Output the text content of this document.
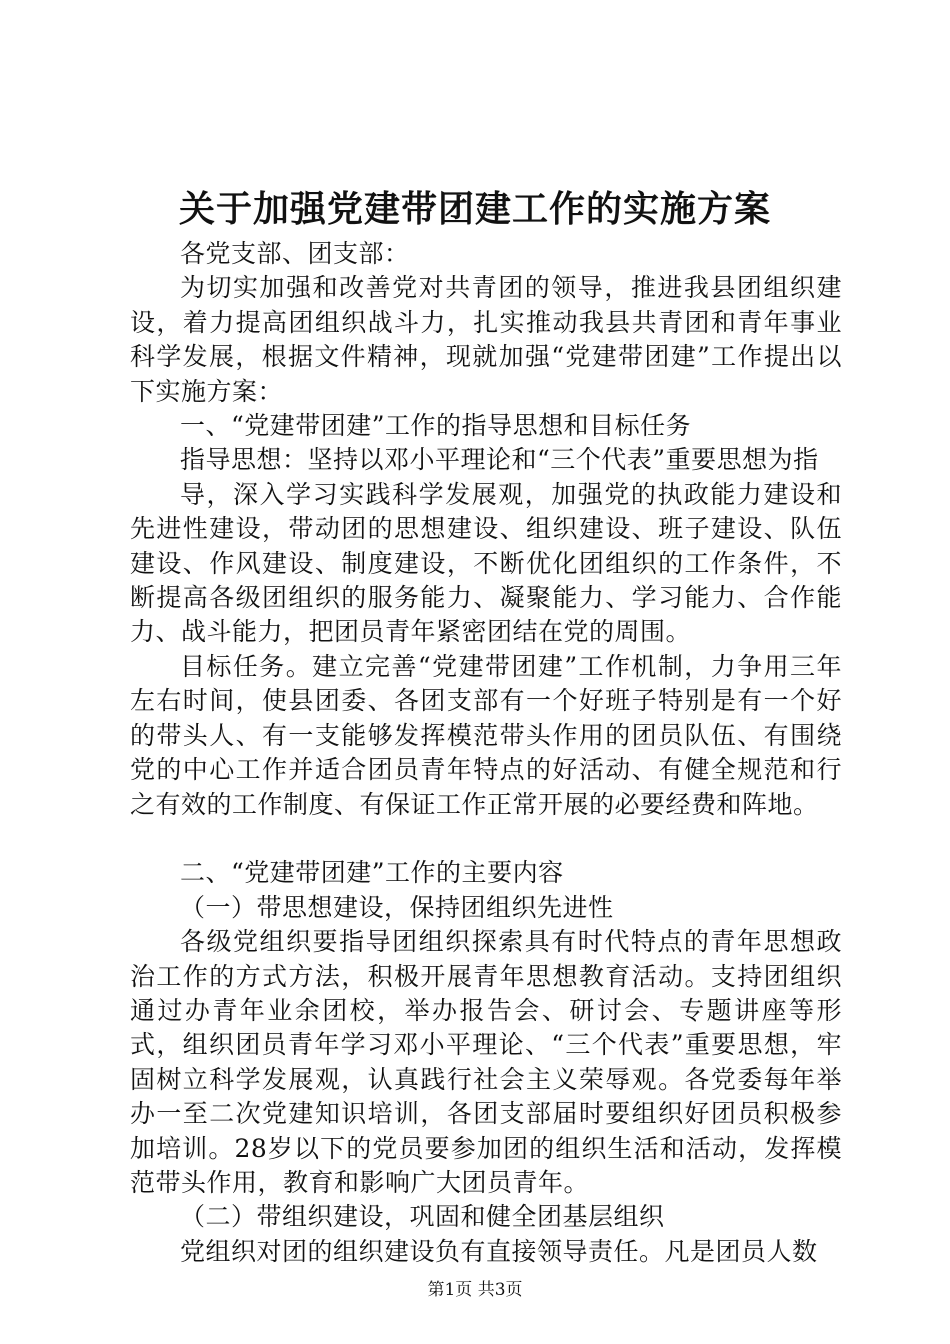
关于加强党建带团建工作的实施方案

各党支部、团支部：

为切实加强和改善党对共青团的领导，推进我县团组织建设，着力提高团组织战斗力，扎实推动我县共青团和青年事业科学发展，根据文件精神，现就加强“党建带团建”工作提出以下实施方案：

一、“党建带团建”工作的指导思想和目标任务

指导思想：坚持以邓小平理论和“三个代表”重要思想为指

导，深入学习实践科学发展观，加强党的执政能力建设和先进性建设，带动团的思想建设、组织建设、班子建设、队伍建设、作风建设、制度建设，不断优化团组织的工作条件，不断提高各级团组织的服务能力、凝聚能力、学习能力、合作能力、战斗能力，把团员青年紧密团结在党的周围。

目标任务。建立完善“党建带团建”工作机制，力争用三年左右时间，使县团委、各团支部有一个好班子特别是有一个好的带头人、有一支能够发挥模范带头作用的团员队伍、有围绕党的中心工作并适合团员青年特点的好活动、有健全规范和行之有效的工作制度、有保证工作正常开展的必要经费和阵地。

二、“党建带团建”工作的主要内容

（一）带思想建设，保持团组织先进性

各级党组织要指导团组织探索具有时代特点的青年思想政治工作的方式方法，积极开展青年思想教育活动。支持团组织通过办青年业余团校，举办报告会、研讨会、专题讲座等形式，组织团员青年学习邓小平理论、“三个代表”重要思想，牢固树立科学发展观，认真践行社会主义荣辱观。各党委每年举办一至二次党建知识培训，各团支部届时要组织好团员积极参加培训。28岁以下的党员要参加团的组织生活和活动，发挥模范带头作用，教育和影响广大团员青年。

（二）带组织建设，巩固和健全团基层组织

党组织对团的组织建设负有直接领导责任。凡是团员人数

第1页 共3页
